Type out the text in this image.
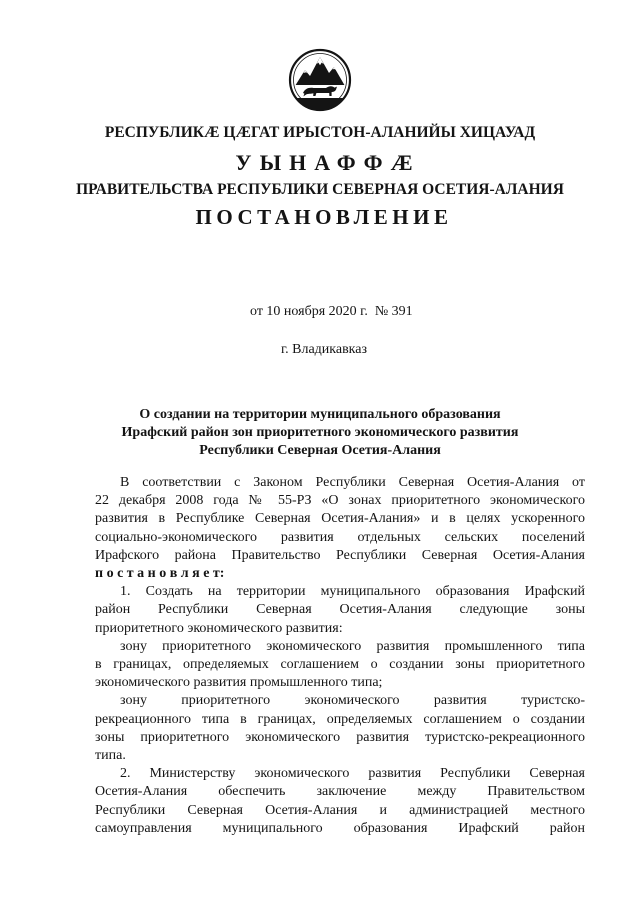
РЕСПУБЛИКӔ ЦӔГАТ ИРЫСТОН-АЛАНИЙЫ ХИЦАУАД
УЫНАФФӔ
ПРАВИТЕЛЬСТВА РЕСПУБЛИКИ СЕВЕРНАЯ ОСЕТИЯ-АЛАНИЯ
ПОСТАНОВЛЕНИЕ
от 10 ноября 2020 г. № 391
г. Владикавказ
О создании на территории муниципального образования
Ирафский район зон приоритетного экономического развития
Республики Северная Осетия-Алания
В соответствии с Законом Республики Северная Осетия-Алания от
22 декабря 2008 года № 55-РЗ «О зонах приоритетного экономического
развития в Республике Северная Осетия-Алания» и в целях ускоренного
социально-экономического развития отдельных сельских поселений
Ирафского района Правительство Республики Северная Осетия-Алания
п о с т а н о в л я е т:
1. Создать на территории муниципального образования Ирафский
район Республики Северная Осетия-Алания следующие зоны
приоритетного экономического развития:
зону приоритетного экономического развития промышленного типа
в границах, определяемых соглашением о создании зоны приоритетного
экономического развития промышленного типа;
зону приоритетного экономического развития туристско-
рекреационного типа в границах, определяемых соглашением о создании
зоны приоритетного экономического развития туристско-рекреационного
типа.
2. Министерству экономического развития Республики Северная
Осетия-Алания обеспечить заключение между Правительством
Республики Северная Осетия-Алания и администрацией местного
самоуправления муниципального образования Ирафский район
